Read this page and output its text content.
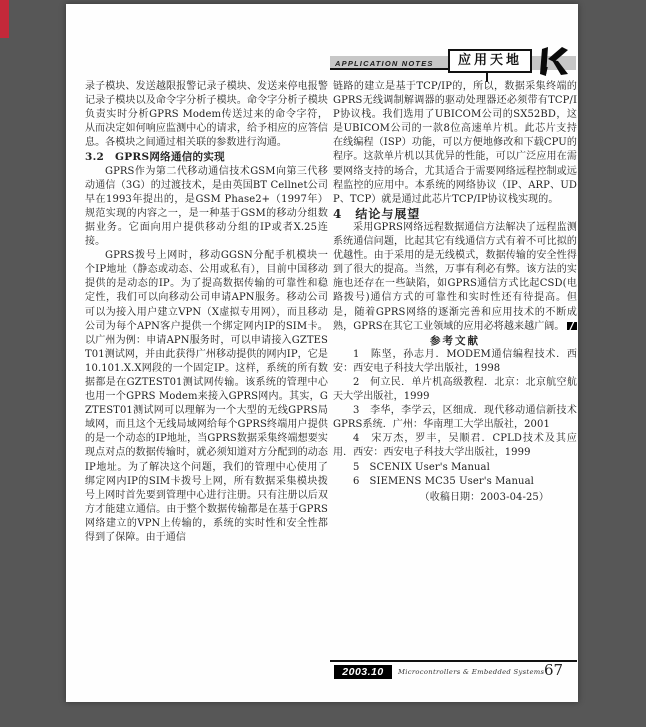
APPLICATION NOTES	应用天地

录子模块、发送越限报警记录子模块、发送来停电报警记录子模块以及命令字分析子模块。命令字分析子模块负责实时分析GPRS Modem传送过来的命令字符，从而决定如何响应监测中心的请求，给予相应的应答信息。各模块之间通过相关联的参数进行沟通。

3.2　GPRS网络通信的实现

GPRS作为第二代移动通信技术GSM向第三代移动通信（3G）的过渡技术，是由英国BT Cellnet公司早在1993年提出的，是GSM Phase2+（1997年）规范实现的内容之一，是一种基于GSM的移动分组数据业务。它面向用户提供移动分组的IP或者X.25连接。

GPRS拨号上网时，移动GGSN分配手机模块一个IP地址（静态或动态、公用或私有），目前中国移动提供的是动态的IP。为了提高数据传输的可靠性和稳定性，我们可以向移动公司申请APN服务。移动公司可以为接入用户建立VPN（X虚拟专用网），而且移动公司为每个APN客户提供一个绑定网内IP的SIM卡。以广州为例：申请APN服务时，可以申请接入GZTEST01测试网，并由此获得广州移动提供的网内IP，它是10.101.X.X网段的一个固定IP。这样，系统的所有数据都是在GZTEST01测试网传输。该系统的管理中心也用一个GPRS Modem来接入GPRS网内。其实，GZTEST01测试网可以理解为一个大型的无线GPRS局域网，而且这个无线局域网给每个GPRS终端用户提供的是一个动态的IP地址，当GPRS数据采集终端想要实现点对点的数据传输时，就必须知道对方分配到的动态IP地址。为了解决这个问题，我们的管理中心使用了绑定网内IP的SIM卡拨号上网，所有数据采集模块拨号上网时首先要到管理中心进行注册。只有注册以后双方才能建立通信。由于整个数据传输都是在基于GPRS网络建立的VPN上传输的，系统的实时性和安全性都得到了保障。由于通信

链路的建立是基于TCP/IP的，所以，数据采集终端的GPRS无线调制解调器的驱动处理器还必须带有TCP/IP协议栈。我们选用了UBICOM公司的SX52BD，这是UBICOM公司的一款8位高速单片机。此芯片支持在线编程（ISP）功能，可以方便地修改和下载CPU的程序。这款单片机以其优异的性能，可以广泛应用在需要网络支持的场合，尤其适合于需要网络远程控制或远程监控的应用中。本系统的网络协议（IP、ARP、UDP、TCP）就是通过此芯片TCP/IP协议栈实现的。

4　结论与展望

采用GPRS网络远程数据通信方法解决了远程监测系统通信问题，比起其它有线通信方式有着不可比拟的优越性。由于采用的是无线模式，数据传输的安全性得到了很大的提高。当然，万事有利必有弊。该方法的实施也还存在一些缺陷，如GPRS通信方式比起CSD(电路拨号)通信方式的可靠性和实时性还有待提高。但是，随着GPRS网络的逐渐完善和应用技术的不断成熟，GPRS在其它工业领域的应用必将越来越广阔。

参考文献

1　陈坚，孙志月．MODEM通信编程技术．西安：西安电子科技大学出版社，1998

2　何立民．单片机高级教程．北京：北京航空航天大学出版社，1999

3　李华，李学云，区细成．现代移动通信新技术GPRS系统．广州：华南理工大学出版社，2001

4　宋万杰，罗丰，吴顺君．CPLD技术及其应用．西安：西安电子科技大学出版社，1999

5　SCENIX User's Manual

6　SIEMENS MC35 User's Manual

（收稿日期：2003-04-25）

2003.10	Microcontrollers & Embedded Systems 67
